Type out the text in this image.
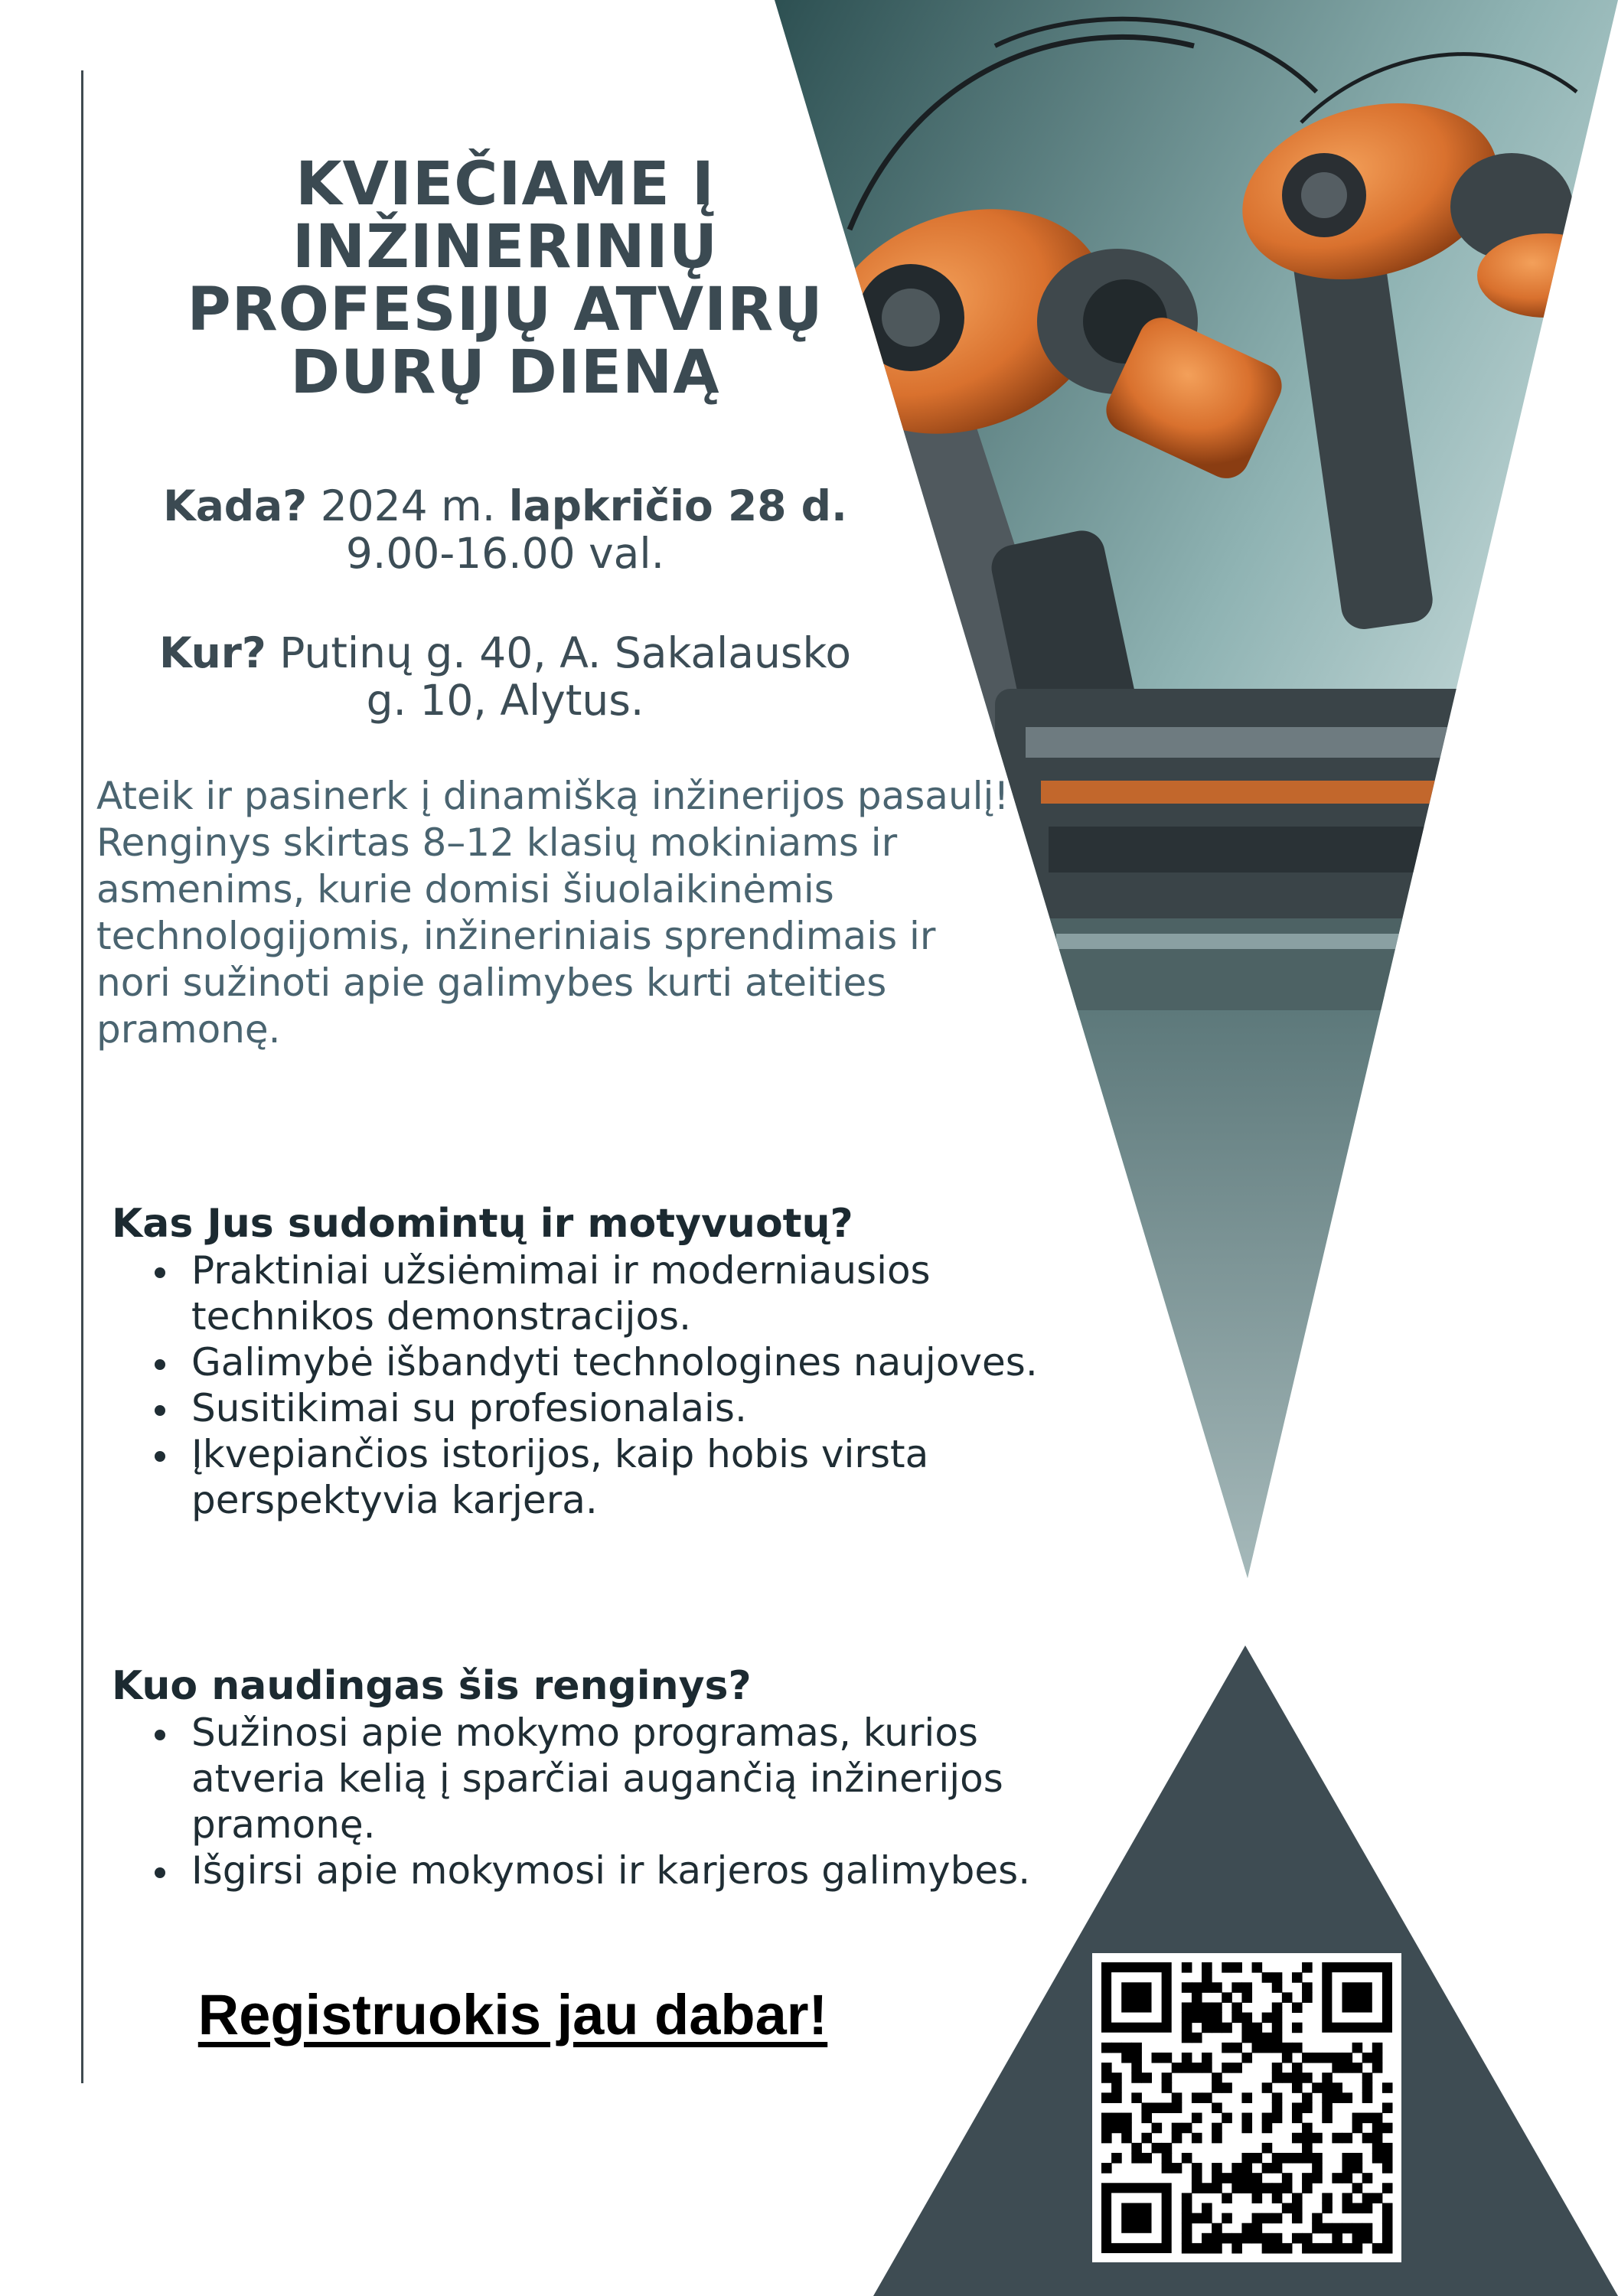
KVIEČIAME Į INŽINERINIŲ PROFESIJŲ ATVIRŲ DURŲ DIENĄ

Kada? 2024 m. lapkričio 28 d.
9.00-16.00 val.

Kur? Putinų g. 40, A. Sakalausko
g. 10, Alytus.

Ateik ir pasinerk į dinamišką inžinerijos pasaulį!
Renginys skirtas 8–12 klasių mokiniams ir asmenims, kurie domisi šiuolaikinėmis technologijomis, inžineriniais sprendimais ir nori sužinoti apie galimybes kurti ateities pramonę.
Kas Jus sudomintų ir motyvuotų?
Praktiniai užsiėmimai ir moderniausios technikos demonstracijos.
Galimybė išbandyti technologines naujoves.
Susitikimai su profesionalais.
Įkvepiančios istorijos, kaip hobis virsta perspektyvia karjera.
Kuo naudingas šis renginys?
Sužinosi apie mokymo programas, kurios atveria kelią į sparčiai augančią inžinerijos pramonę.
Išgirsi apie mokymosi ir karjeros galimybes.

Registruokis jau dabar!
